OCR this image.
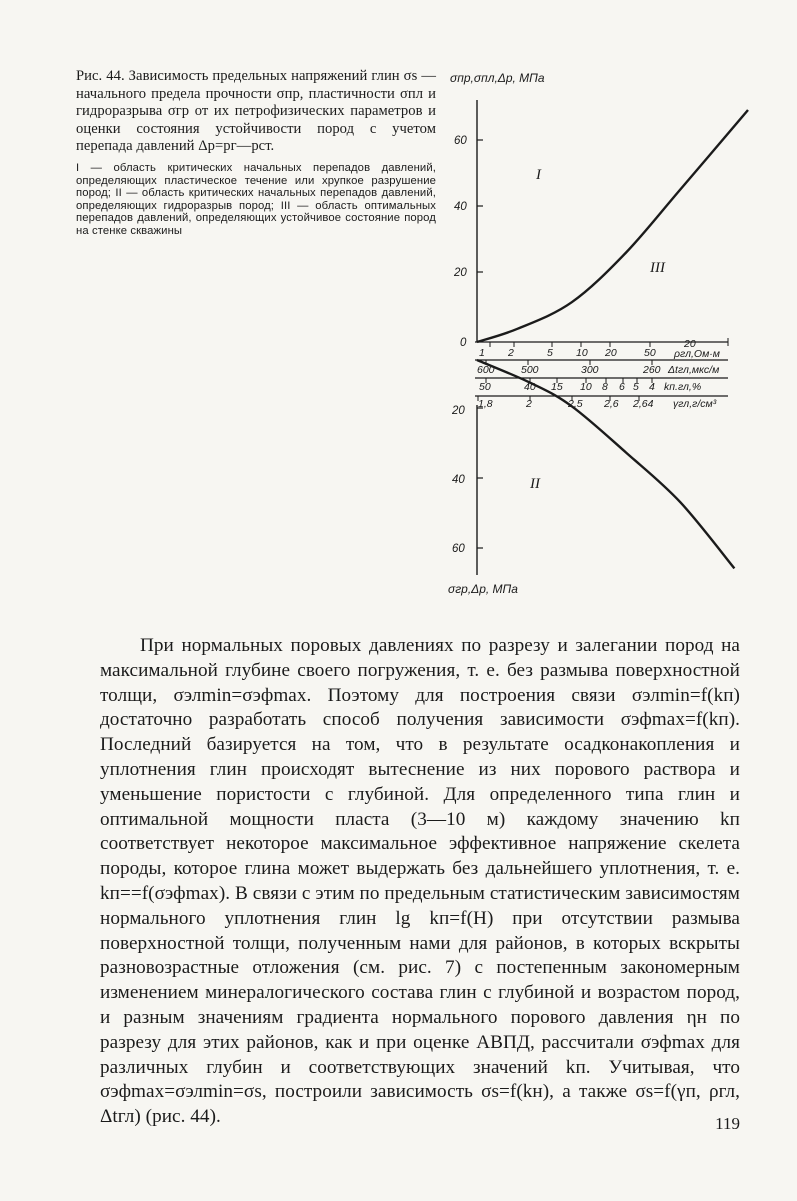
Рис. 44. Зависимость предельных напряжений глин σs — начального предела прочности σпр, пластичности σпл и гидроразрыва σгр от их петрофизических параметров и оценки состояния устойчивости пород с учетом перепада давлений Δp=pг—pст.

I — область критических начальных перепадов давлений, определяющих пластическое течение или хрупкое разрушение пород; II — область критических начальных перепадов давлений, определяющих гидроразрыв пород; III — область оптимальных перепадов давлений, определяющих устойчивое состояние пород на стенке скважины

σпр,σпл,Δp, МПа
σгр,Δp, МПа
60
40
20
0
20
40
60
I
III
II
1 2	5 10 20	50
20
ρгл,Ом·м
600	500	300	260 Δtгл,мкс/м
50	40 15 10 8 6 5 4 kп.гл,%
1,8	2	2,5 2,6 2,64 γгл,г/см³

При нормальных поровых давлениях по разрезу и залегании пород на максимальной глубине своего погружения, т. е. без размыва поверхностной толщи, σэлmin=σэфmax. Поэтому для построения связи σэлmin=f(kп) достаточно разработать способ получения зависимости σэфmax=f(kп). Последний базируется на том, что в результате осадконакопления и уплотнения глин происходят вытеснение из них порового раствора и уменьшение пористости с глубиной. Для определенного типа глин и оптимальной мощности пласта (3—10 м) каждому значению kп соответствует некоторое максимальное эффективное напряжение скелета породы, которое глина может выдержать без дальнейшего уплотнения, т. е. kп==f(σэфmax). В связи с этим по предельным статистическим зависимостям нормального уплотнения глин lg kп=f(H) при отсутствии размыва поверхностной толщи, полученным нами для районов, в которых вскрыты разновозрастные отложения (см. рис. 7) с постепенным закономерным изменением минералогического состава глин с глубиной и возрастом пород, и разным значениям градиента нормального порового давления ηн по разрезу для этих районов, как и при оценке АВПД, рассчитали σэфmax для различных глубин и соответствующих значений kп. Учитывая, что σэфmax=σэлmin=σs, построили зависимость σs=f(kн), а также σs=f(γп, ρгл, Δtгл) (рис. 44).	119
